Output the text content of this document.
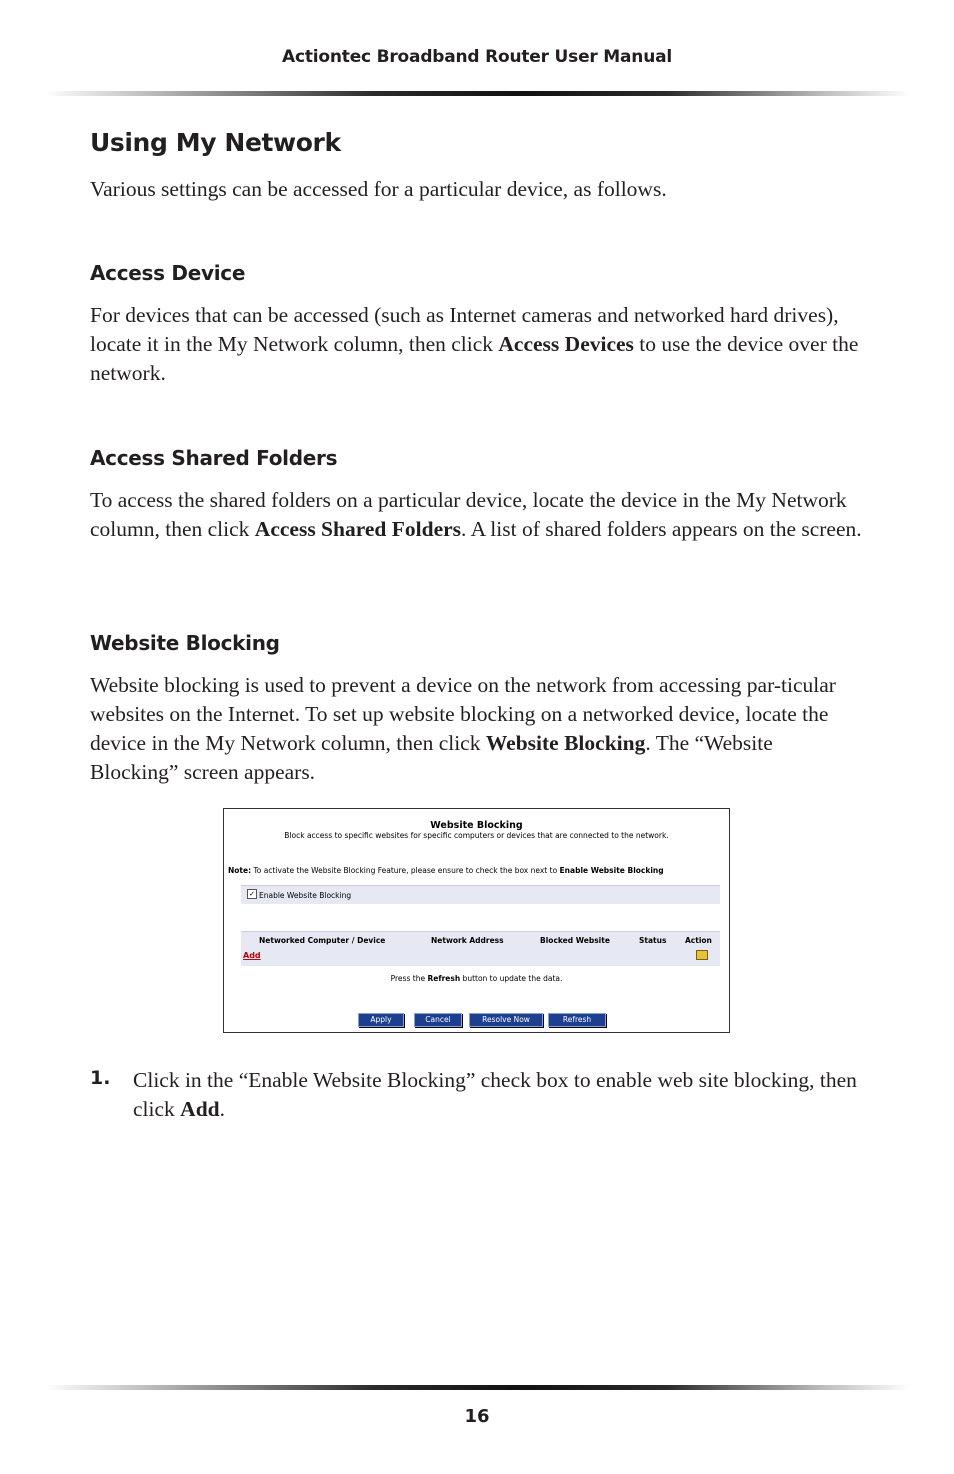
Actiontec Broadband Router User Manual
Using My Network

Various settings can be accessed for a particular device, as follows.

Access Device

For devices that can be accessed (such as Internet cameras and networked hard drives), locate it in the My Network column, then click Access Devices to use the device over the network.

Access Shared Folders

To access the shared folders on a particular device, locate the device in the My Network column, then click Access Shared Folders. A list of shared folders appears on the screen.

Website Blocking

Website blocking is used to prevent a device on the network from accessing par-ticular websites on the Internet. To set up website blocking on a networked device, locate the device in the My Network column, then click Website Blocking. The “Website Blocking” screen appears.

Website Blocking
Block access to specific websites for specific computers or devices that are connected to the network.
Note: To activate the Website Blocking Feature, please ensure to check the box next to Enable Website Blocking
✓ Enable Website Blocking
Networked Computer / Device	Network Address	Blocked Website	Status Action
Add
Press the Refresh button to update the data.
Apply	Cancel	Resolve Now	Refresh
1. Click in the “Enable Website Blocking” check box to enable web site blocking, then click Add.

16
